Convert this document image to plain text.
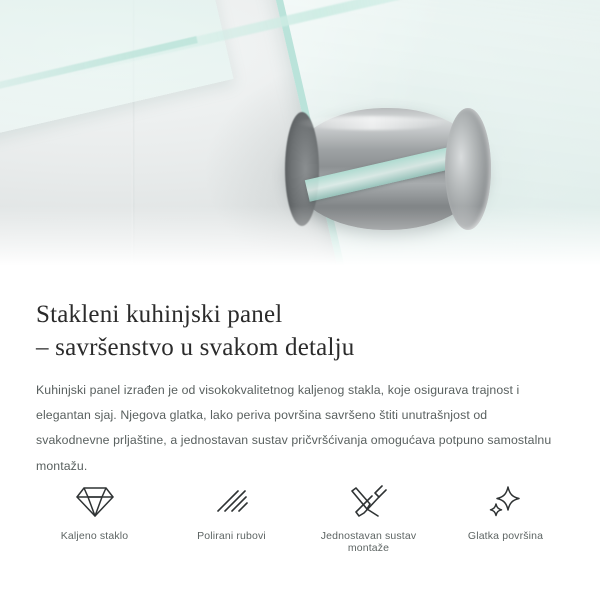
Stakleni kuhinjski panel
– savršenstvo u svakom detalju

Kuhinjski panel izrađen je od visokokvalitetnog kaljenog stakla, koje osigurava trajnost i elegantan sjaj. Njegova glatka, lako periva površina savršeno štiti unutrašnjost od svakodnevne prljaštine, a jednostavan sustav pričvršćivanja omogućava potpuno samostalnu montažu.

Kaljeno staklo	Polirani rubovi	Jednostavan sustav montaže
Glatka površina
